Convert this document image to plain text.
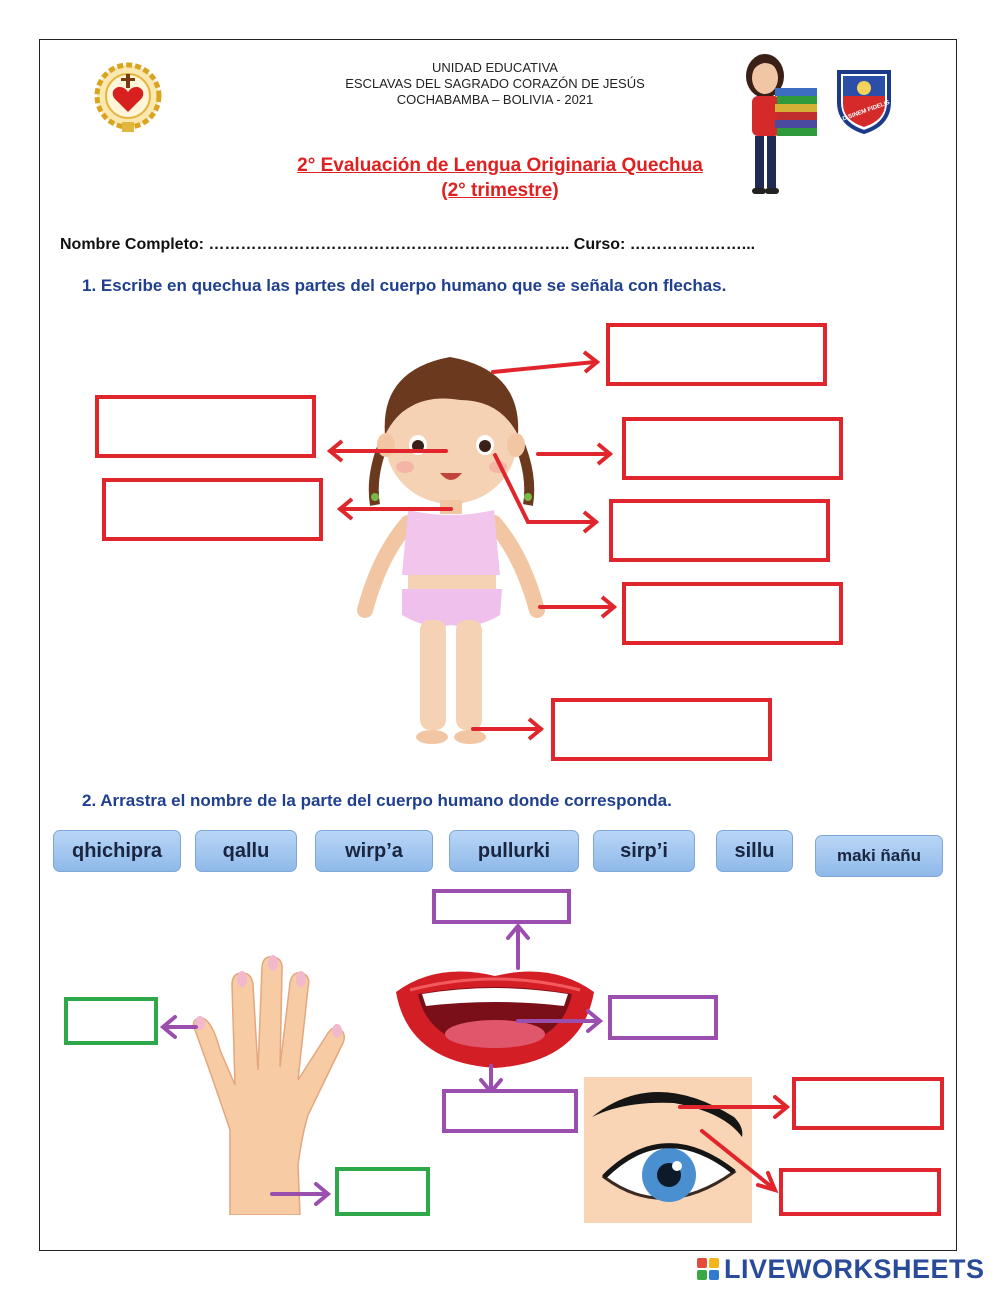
UNIDAD EDUCATIVA
ESCLAVAS DEL SAGRADO CORAZÓN DE JESÚS
COCHABAMBA – BOLIVIA - 2021
AD SINEM FIDELIS
2° Evaluación de Lengua Originaria Quechua
(2° trimestre)
Nombre Completo: ………………………………………………………….. Curso: …………………...
1. Escribe en quechua las partes del cuerpo humano que se señala con flechas.
2. Arrastra el nombre de la parte del cuerpo humano donde corresponda.
qhichipra	qallu	wirp’a	pullurki	sirp’i	sillu	maki ñañu
LIVEWORKSHEETS
